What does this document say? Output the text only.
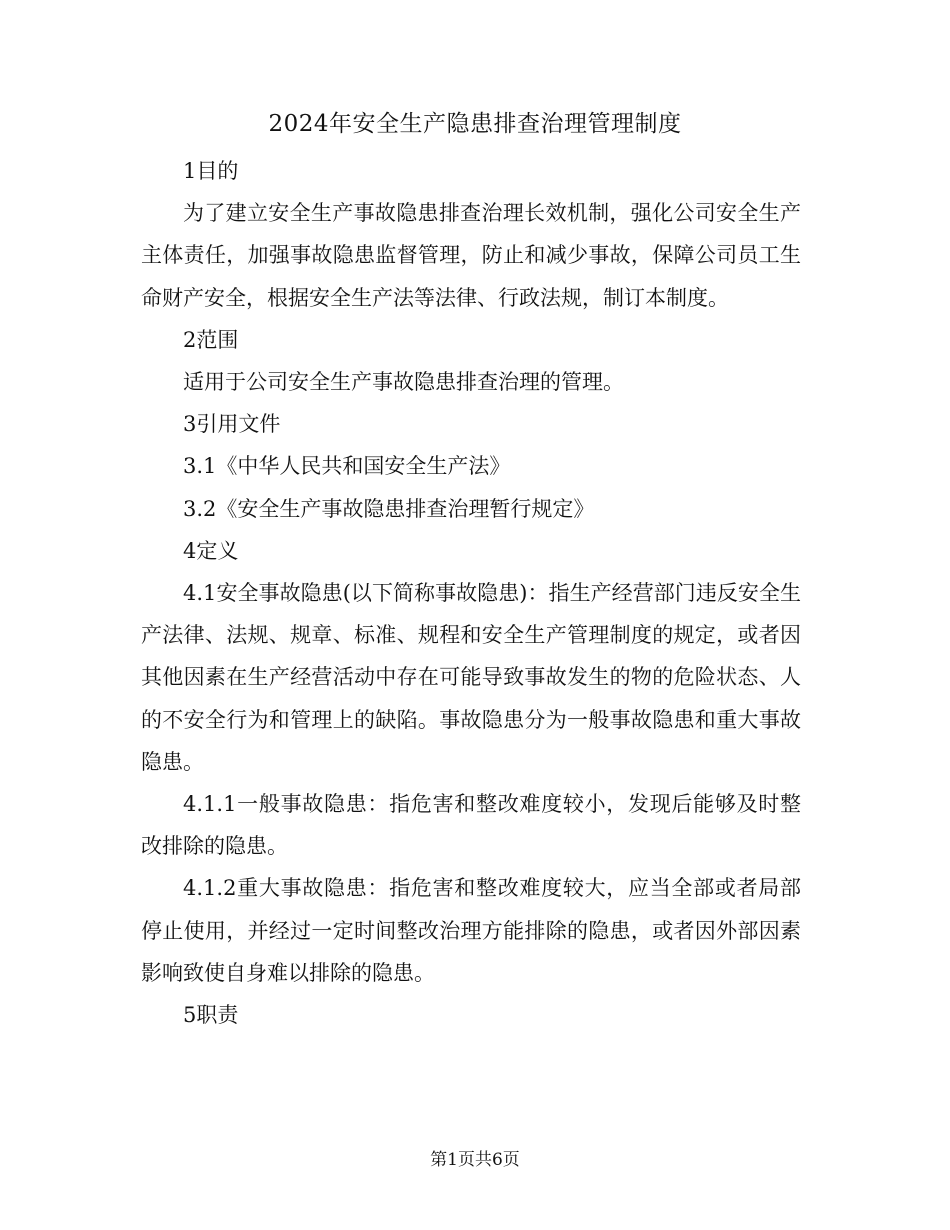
2024年安全生产隐患排查治理管理制度

1目的

为了建立安全生产事故隐患排查治理长效机制，强化公司安全生产主体责任，加强事故隐患监督管理，防止和减少事故，保障公司员工生命财产安全，根据安全生产法等法律、行政法规，制订本制度。

2范围

适用于公司安全生产事故隐患排查治理的管理。

3引用文件

3.1《中华人民共和国安全生产法》

3.2《安全生产事故隐患排查治理暂行规定》

4定义

4.1安全事故隐患(以下简称事故隐患)：指生产经营部门违反安全生产法律、法规、规章、标准、规程和安全生产管理制度的规定，或者因其他因素在生产经营活动中存在可能导致事故发生的物的危险状态、人的不安全行为和管理上的缺陷。事故隐患分为一般事故隐患和重大事故隐患。

4.1.1一般事故隐患：指危害和整改难度较小，发现后能够及时整改排除的隐患。

4.1.2重大事故隐患：指危害和整改难度较大，应当全部或者局部停止使用，并经过一定时间整改治理方能排除的隐患，或者因外部因素影响致使自身难以排除的隐患。

5职责

第1页共6页
